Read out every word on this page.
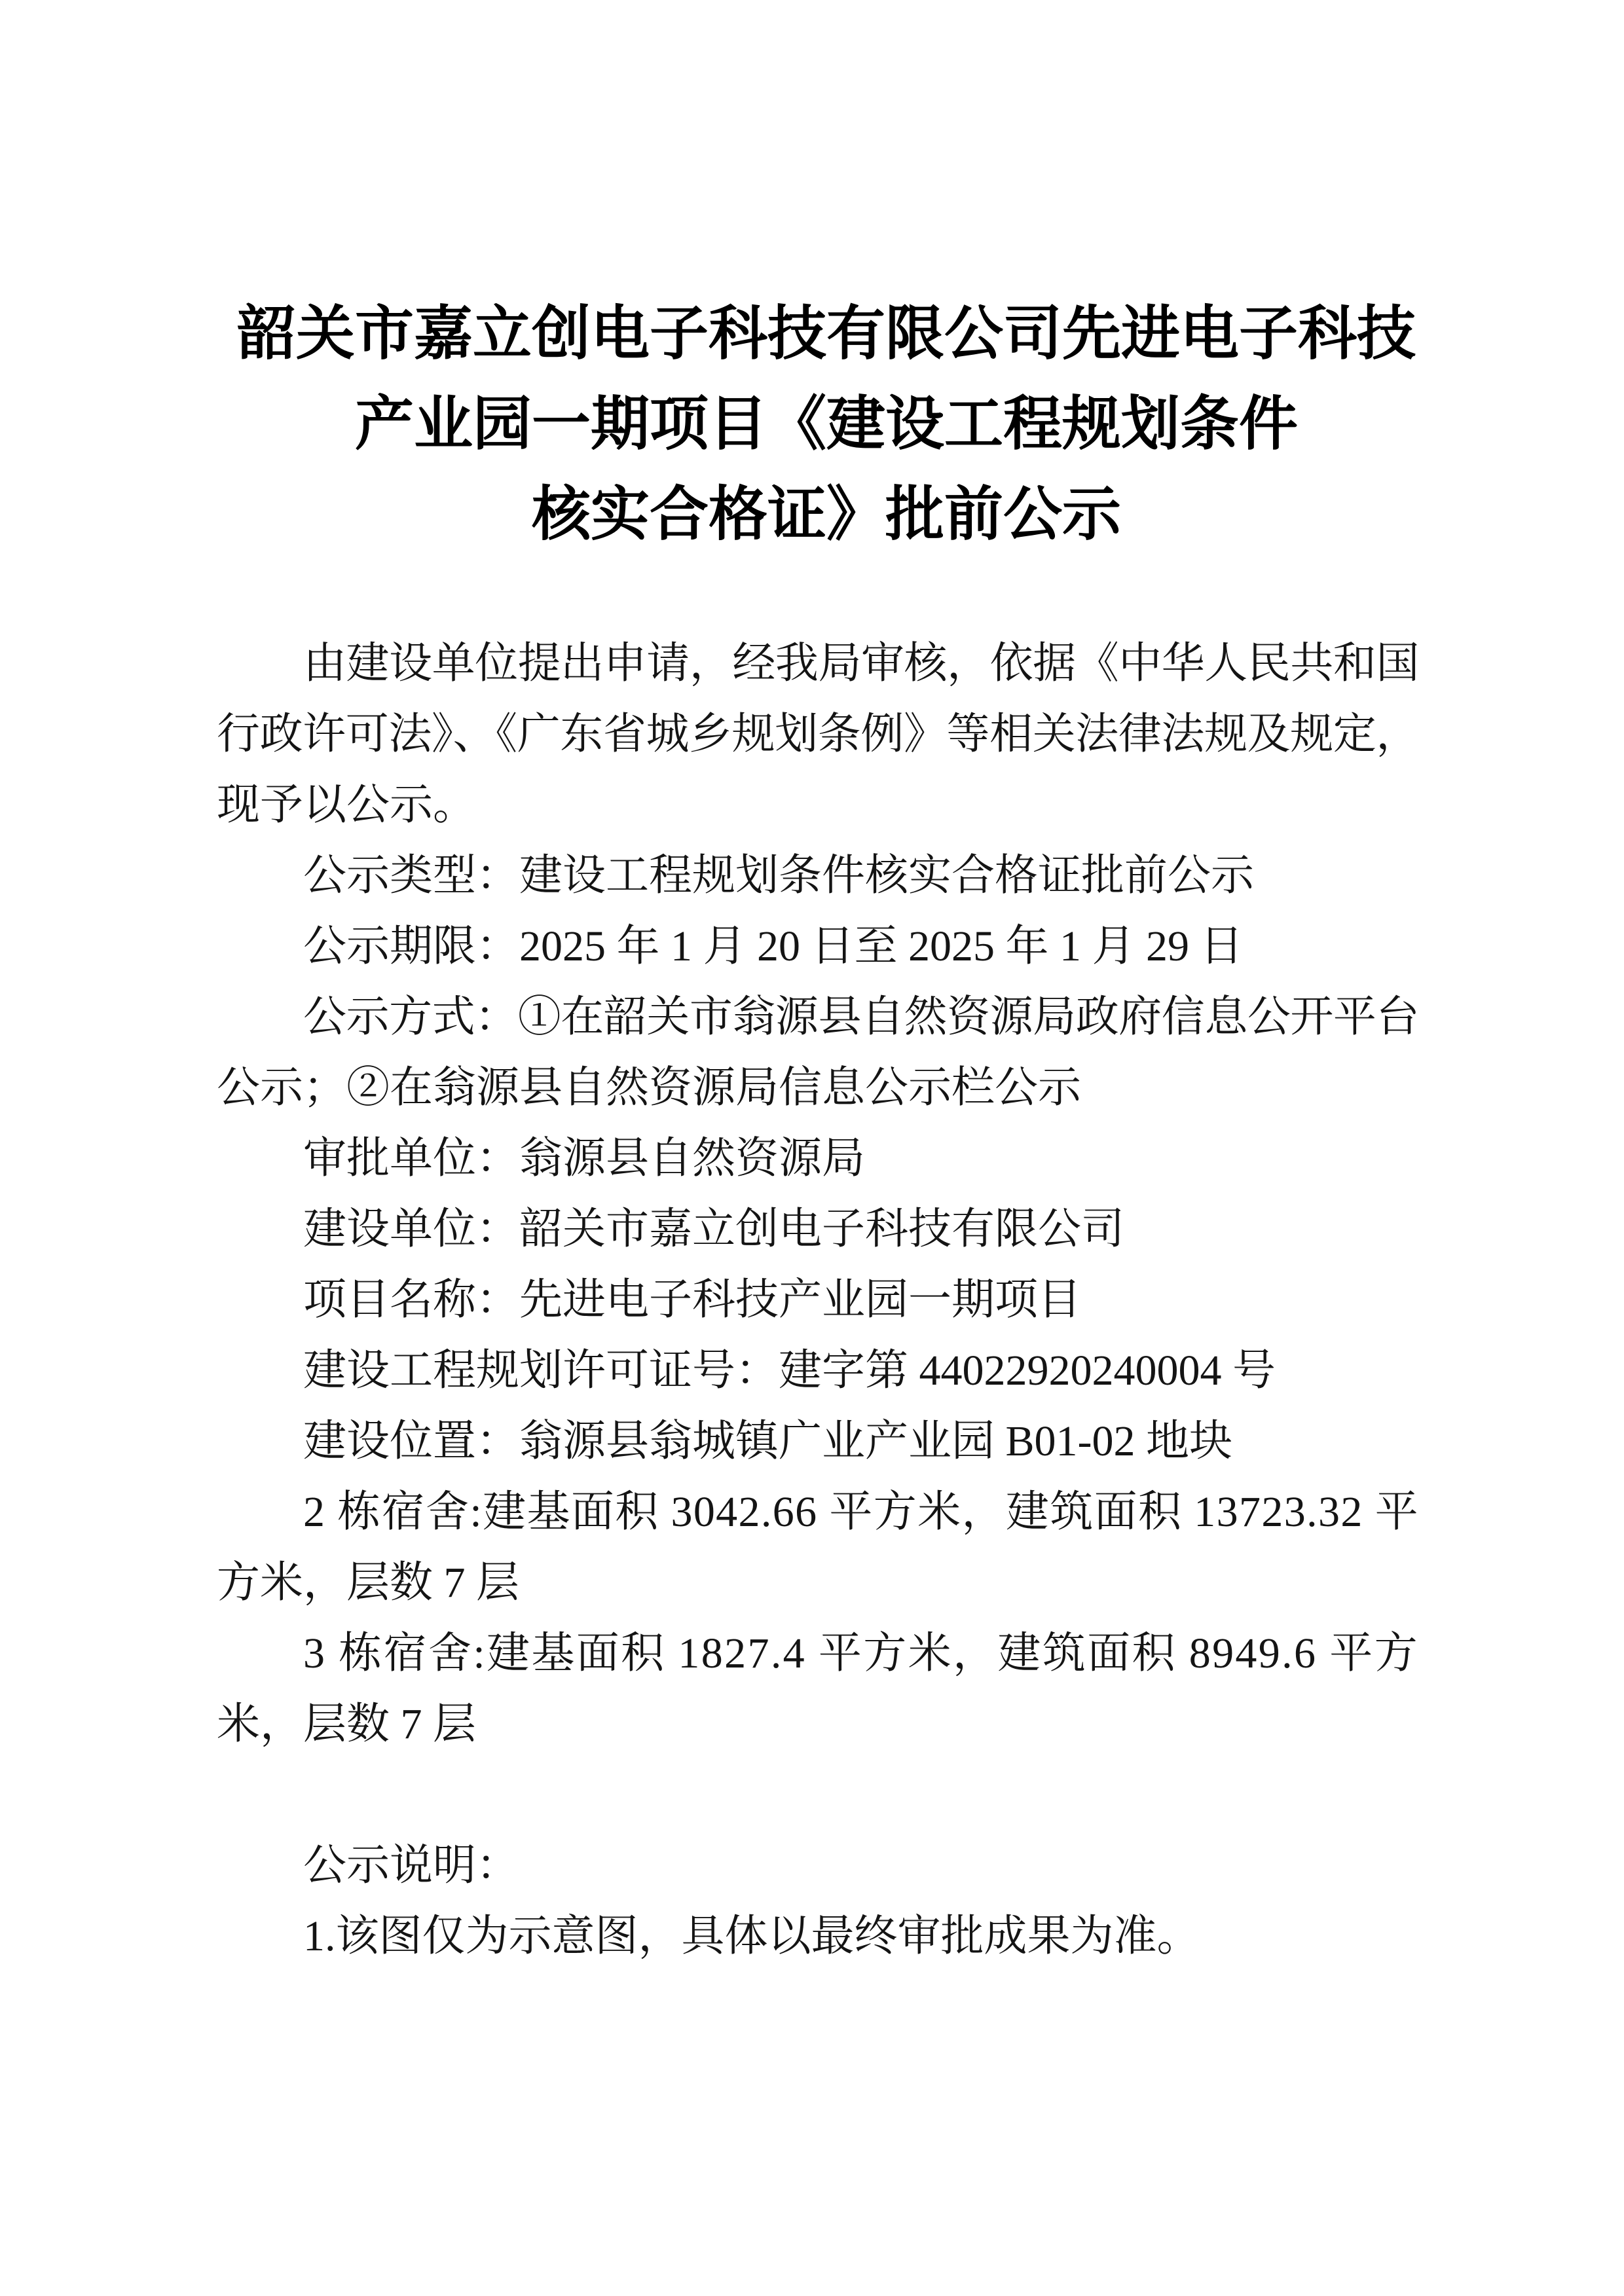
韶关市嘉立创电子科技有限公司先进电子科技
产业园一期项目《建设工程规划条件
核实合格证》批前公示
由建设单位提出申请，经我局审核，依据《中华人民共和国
行政许可法》、《广东省城乡规划条例》等相关法律法规及规定，
现予以公示。
公示类型：建设工程规划条件核实合格证批前公示
公示期限：2025 年 1 月 20 日至 2025 年 1 月 29 日
公示方式：①在韶关市翁源县自然资源局政府信息公开平台
公示；②在翁源县自然资源局信息公示栏公示
审批单位：翁源县自然资源局
建设单位：韶关市嘉立创电子科技有限公司
项目名称：先进电子科技产业园一期项目
建设工程规划许可证号：建字第 44022920240004 号
建设位置：翁源县翁城镇广业产业园 B01-02 地块
2 栋宿舍:建基面积 3042.66 平方米，建筑面积 13723.32 平
方米，层数 7 层
3 栋宿舍:建基面积 1827.4 平方米，建筑面积 8949.6 平方
米，层数 7 层
公示说明：
1.该图仅为示意图，具体以最终审批成果为准。
